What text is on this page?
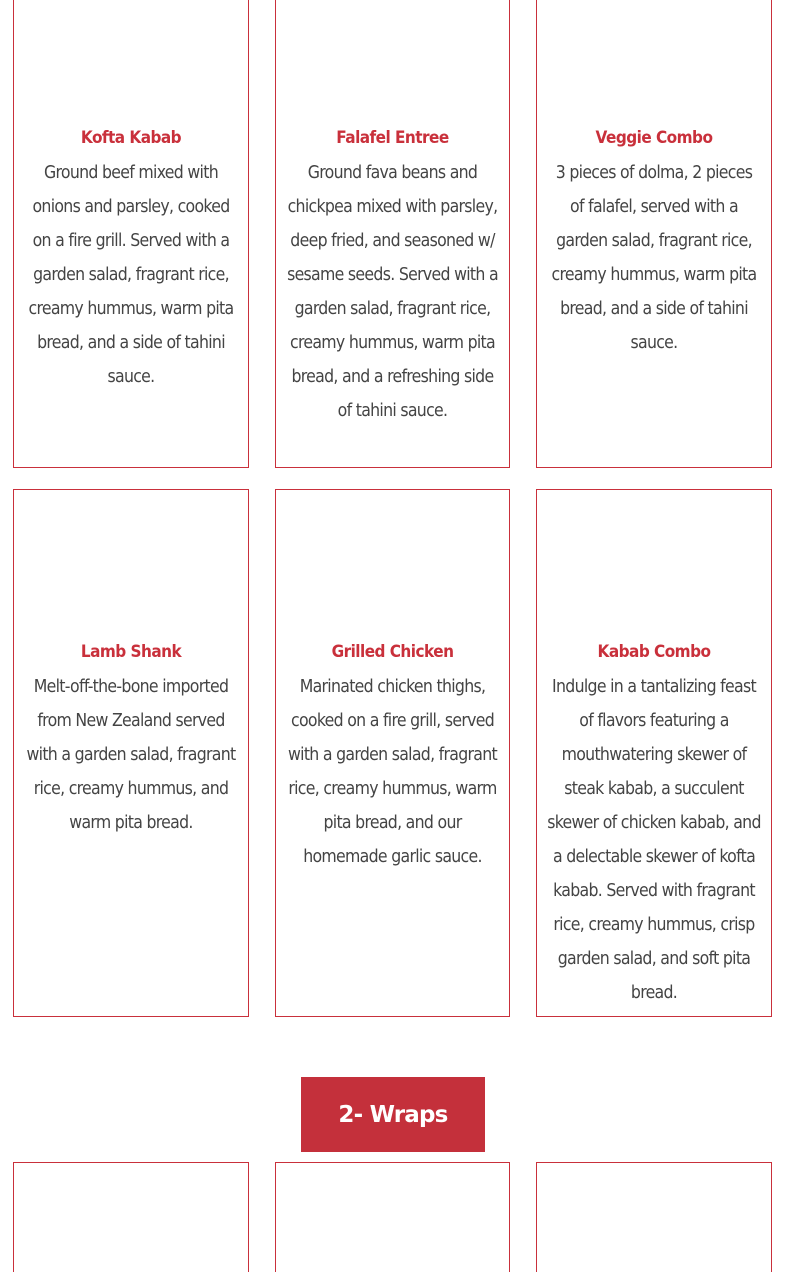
Kofta Kabab
Ground beef mixed with onions and parsley, cooked on a fire grill. Served with a garden salad, fragrant rice, creamy hummus, warm pita bread, and a side of tahini sauce.
Falafel Entree
Ground fava beans and chickpea mixed with parsley, deep fried, and seasoned w/ sesame seeds. Served with a garden salad, fragrant rice, creamy hummus, warm pita bread, and a refreshing side of tahini sauce.
Veggie Combo
3 pieces of dolma, 2 pieces of falafel, served with a garden salad, fragrant rice, creamy hummus, warm pita bread, and a side of tahini sauce.
Lamb Shank
Melt-off-the-bone imported from New Zealand served with a garden salad, fragrant rice, creamy hummus, and warm pita bread.
Grilled Chicken
Marinated chicken thighs, cooked on a fire grill, served with a garden salad, fragrant rice, creamy hummus, warm pita bread, and our homemade garlic sauce.
Kabab Combo
Indulge in a tantalizing feast of flavors featuring a mouthwatering skewer of steak kabab, a succulent skewer of chicken kabab, and a delectable skewer of kofta kabab. Served with fragrant rice, creamy hummus, crisp garden salad, and soft pita bread.
2- Wraps
